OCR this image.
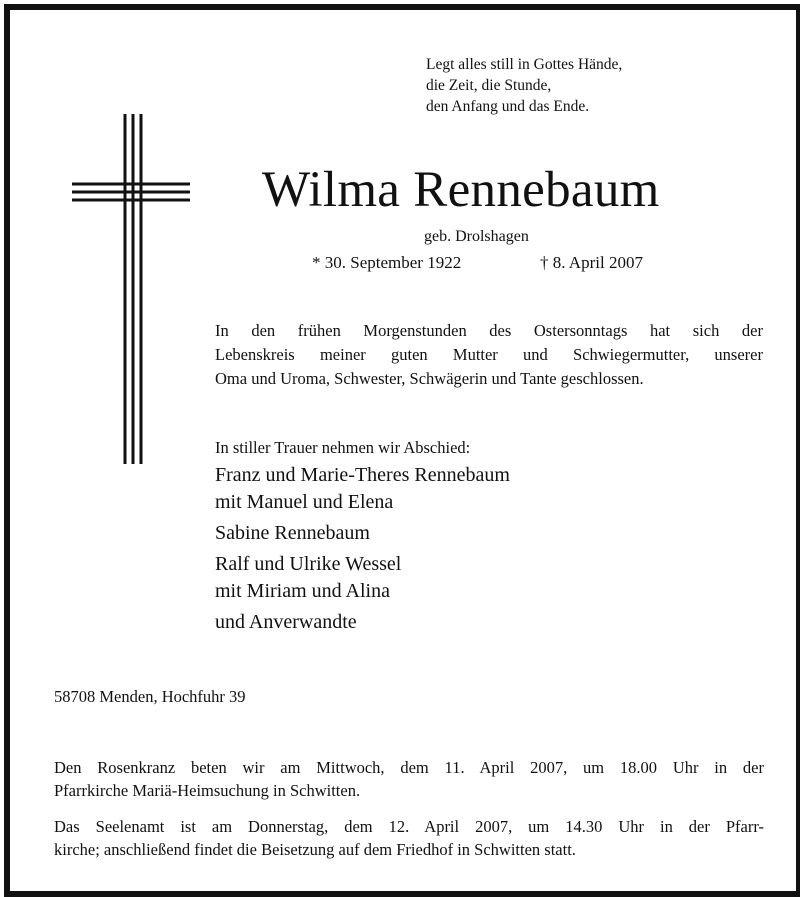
Legt alles still in Gottes Hände,
die Zeit, die Stunde,
den Anfang und das Ende.
Wilma Rennebaum
geb. Drolshagen
* 30. September 1922	† 8. April 2007
In den frühen Morgenstunden des Ostersonntags hat sich der
Lebenskreis meiner guten Mutter und Schwiegermutter, unserer
Oma und Uroma, Schwester, Schwägerin und Tante geschlossen.
In stiller Trauer nehmen wir Abschied:
Franz und Marie-Theres Rennebaum
mit Manuel und Elena
Sabine Rennebaum
Ralf und Ulrike Wessel
mit Miriam und Alina
und Anverwandte
58708 Menden, Hochfuhr 39
Den Rosenkranz beten wir am Mittwoch, dem 11. April 2007, um 18.00 Uhr in der
Pfarrkirche Mariä-Heimsuchung in Schwitten.
Das Seelenamt ist am Donnerstag, dem 12. April 2007, um 14.30 Uhr in der Pfarr-
kirche; anschließend findet die Beisetzung auf dem Friedhof in Schwitten statt.
